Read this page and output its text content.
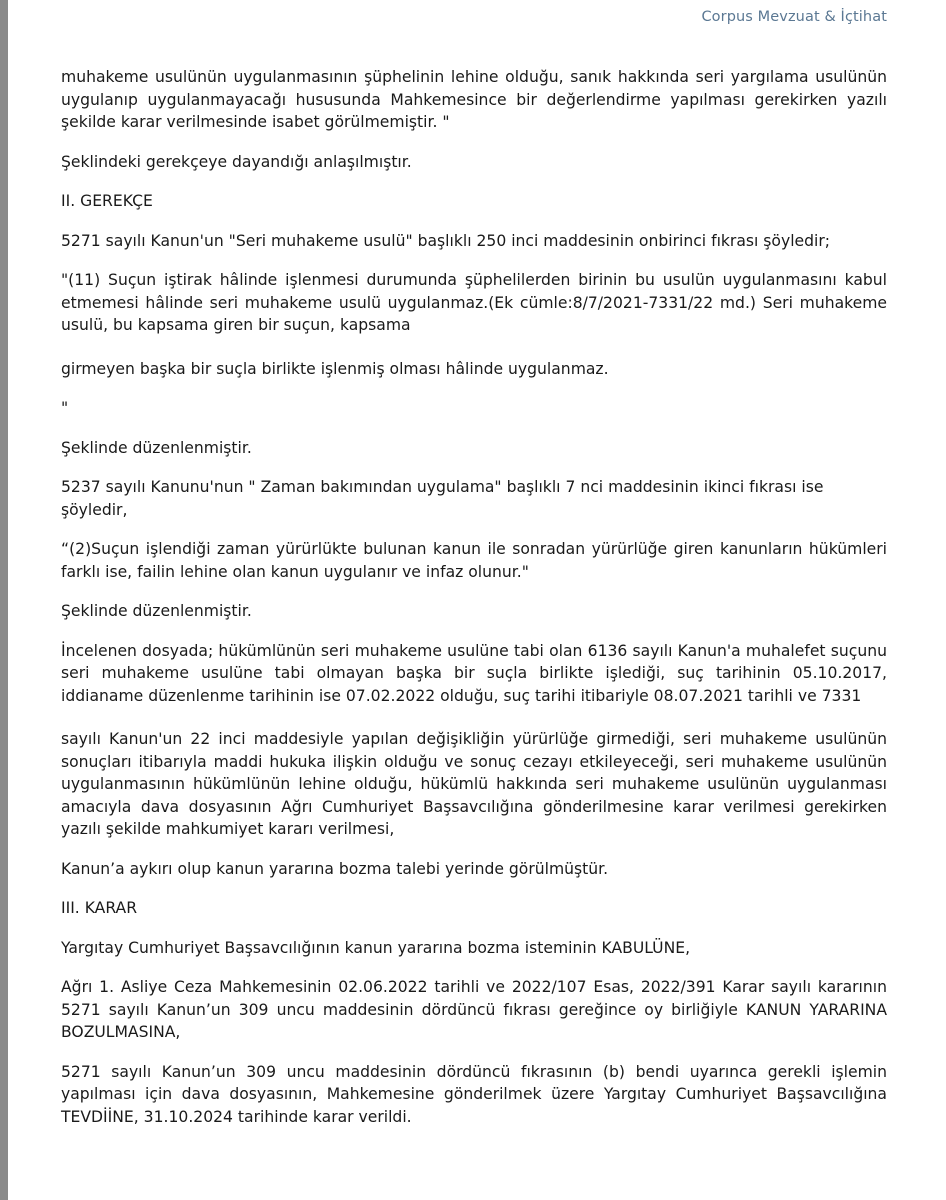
Corpus Mevzuat & İçtihat

muhakeme usulünün uygulanmasının şüphelinin lehine olduğu, sanık hakkında seri yargılama usulünün uygulanıp uygulanmayacağı hususunda Mahkemesince bir değerlendirme yapılması gerekirken yazılı şekilde karar verilmesinde isabet görülmemiştir. "

Şeklindeki gerekçeye dayandığı anlaşılmıştır.

II. GEREKÇE

5271 sayılı Kanun'un "Seri muhakeme usulü" başlıklı 250 inci maddesinin onbirinci fıkrası şöyledir;

"(11) Suçun iştirak hâlinde işlenmesi durumunda şüphelilerden birinin bu usulün uygulanmasını kabul etmemesi hâlinde seri muhakeme usulü uygulanmaz.(Ek cümle:8/7/2021-7331/22 md.) Seri muhakeme usulü, bu kapsama giren bir suçun, kapsama

girmeyen başka bir suçla birlikte işlenmiş olması hâlinde uygulanmaz.

"

Şeklinde düzenlenmiştir.

5237 sayılı Kanunu'nun " Zaman bakımından uygulama" başlıklı 7 nci maddesinin ikinci fıkrası ise şöyledir,

“(2)Suçun işlendiği zaman yürürlükte bulunan kanun ile sonradan yürürlüğe giren kanunların hükümleri farklı ise, failin lehine olan kanun uygulanır ve infaz olunur."

Şeklinde düzenlenmiştir.

İncelenen dosyada; hükümlünün seri muhakeme usulüne tabi olan 6136 sayılı Kanun'a muhalefet suçunu seri muhakeme usulüne tabi olmayan başka bir suçla birlikte işlediği, suç tarihinin 05.10.2017, iddianame düzenlenme tarihinin ise 07.02.2022 olduğu, suç tarihi itibariyle 08.07.2021 tarihli ve 7331

sayılı Kanun'un 22 inci maddesiyle yapılan değişikliğin yürürlüğe girmediği, seri muhakeme usulünün sonuçları itibarıyla maddi hukuka ilişkin olduğu ve sonuç cezayı etkileyeceği, seri muhakeme usulünün uygulanmasının hükümlünün lehine olduğu, hükümlü hakkında seri muhakeme usulünün uygulanması amacıyla dava dosyasının Ağrı Cumhuriyet Başsavcılığına gönderilmesine karar verilmesi gerekirken yazılı şekilde mahkumiyet kararı verilmesi,

Kanun’a aykırı olup kanun yararına bozma talebi yerinde görülmüştür.

III. KARAR

Yargıtay Cumhuriyet Başsavcılığının kanun yararına bozma isteminin KABULÜNE,

Ağrı 1. Asliye Ceza Mahkemesinin 02.06.2022 tarihli ve 2022/107 Esas, 2022/391 Karar sayılı kararının 5271 sayılı Kanun’un 309 uncu maddesinin dördüncü fıkrası gereğince oy birliğiyle KANUN YARARINA BOZULMASINA,

5271 sayılı Kanun’un 309 uncu maddesinin dördüncü fıkrasının (b) bendi uyarınca gerekli işlemin yapılması için dava dosyasının, Mahkemesine gönderilmek üzere Yargıtay Cumhuriyet Başsavcılığına TEVDİİNE, 31.10.2024 tarihinde karar verildi.
